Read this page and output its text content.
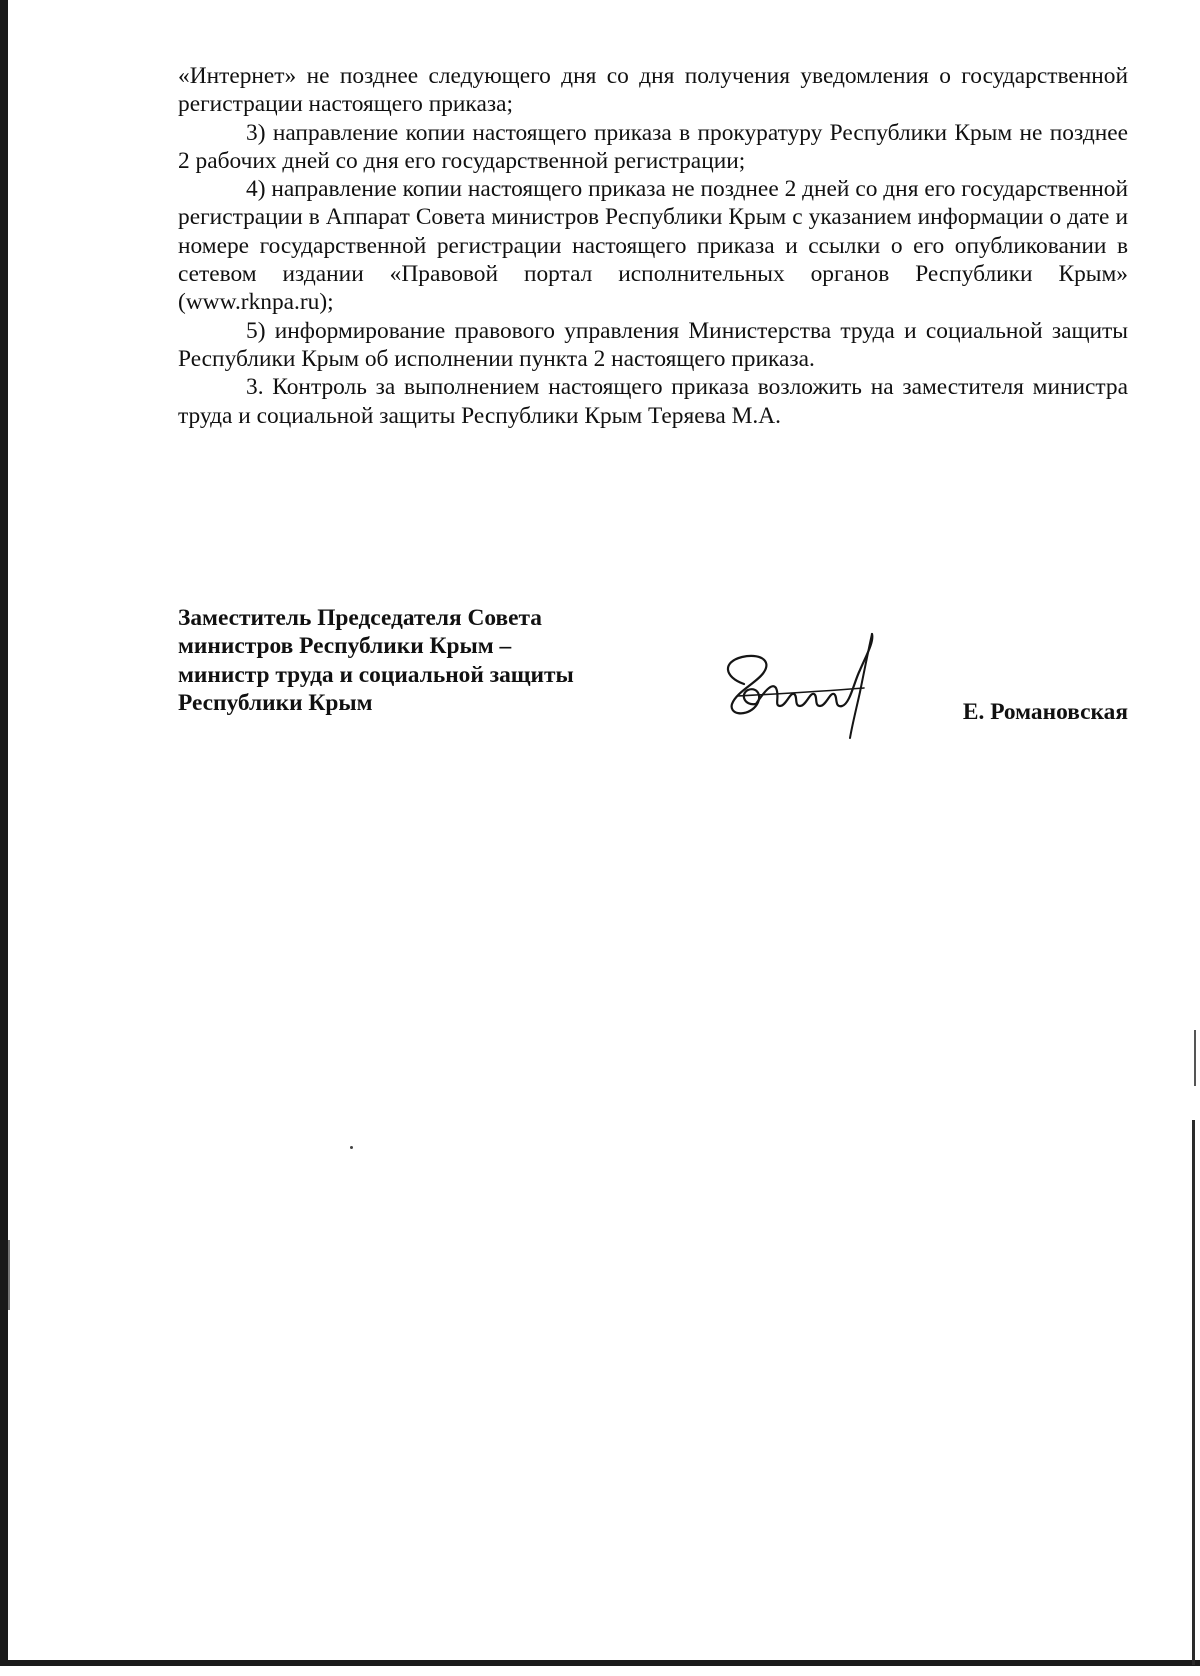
«Интернет» не позднее следующего дня со дня получения уведомления о государственной регистрации настоящего приказа;

3) направление копии настоящего приказа в прокуратуру Республики Крым не позднее 2 рабочих дней со дня его государственной регистрации;

4) направление копии настоящего приказа не позднее 2 дней со дня его государственной регистрации в Аппарат Совета министров Республики Крым с указанием информации о дате и номере государственной регистрации настоящего приказа и ссылки о его опубликовании в сетевом издании «Правовой портал исполнительных органов Республики Крым» (www.rknpa.ru);

5) информирование правового управления Министерства труда и социальной защиты Республики Крым об исполнении пункта 2 настоящего приказа.

3. Контроль за выполнением настоящего приказа возложить на заместителя министра труда и социальной защиты Республики Крым Теряева М.А.

Заместитель Председателя Совета
министров Республики Крым –
министр труда и социальной защиты
Республики Крым	Е. Романовская
